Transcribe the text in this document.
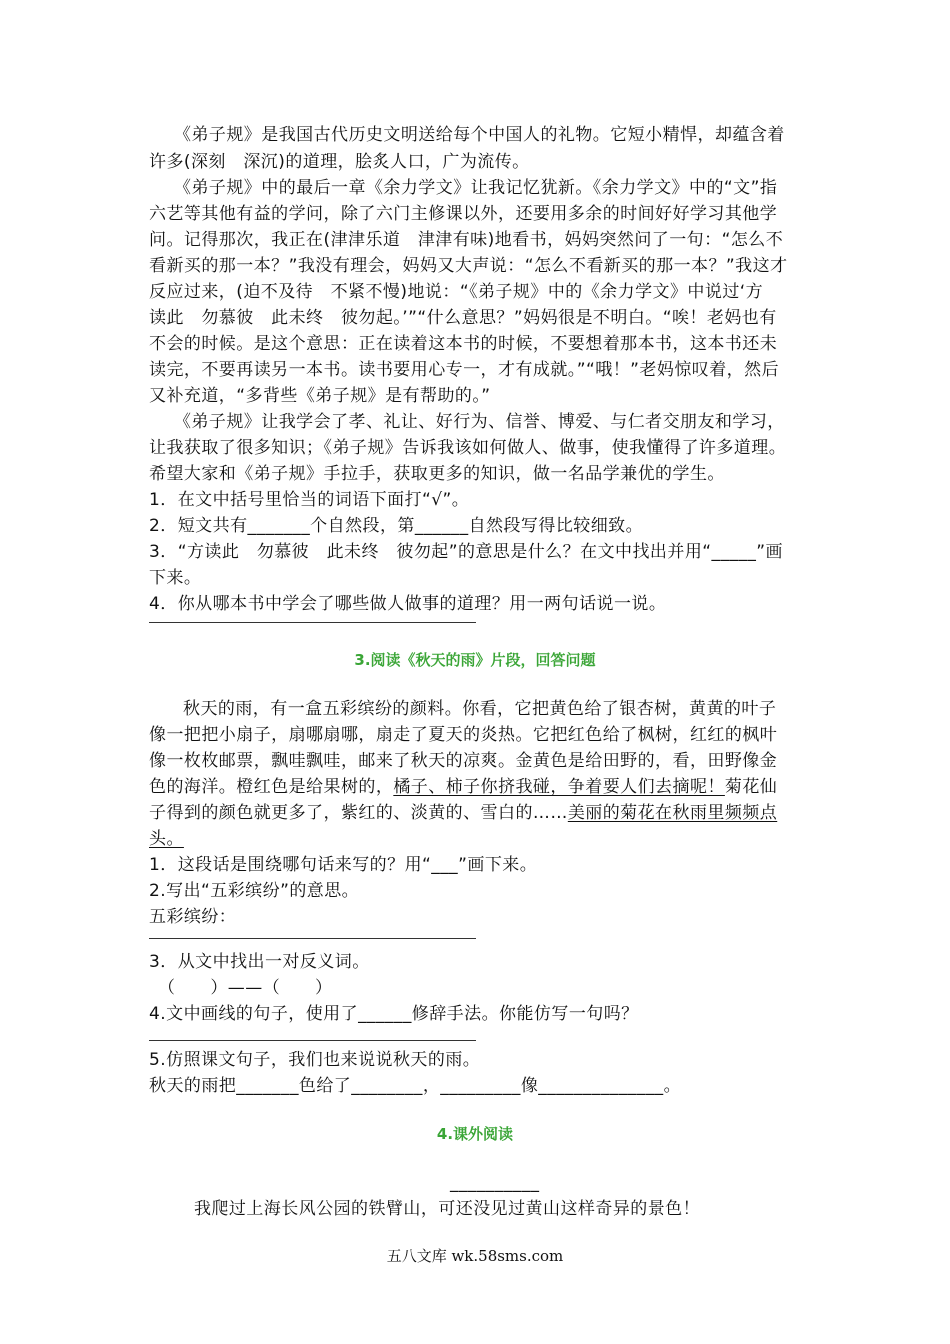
《弟子规》是我国古代历史文明送给每个中国人的礼物。它短小精悍，却蕴含着
许多(深刻　深沉)的道理，脍炙人口，广为流传。
《弟子规》中的最后一章《余力学文》让我记忆犹新。《余力学文》中的“文”指
六艺等其他有益的学问，除了六门主修课以外，还要用多余的时间好好学习其他学
问。记得那次，我正在(津津乐道　津津有味)地看书，妈妈突然问了一句：“怎么不
看新买的那一本？”我没有理会，妈妈又大声说：“怎么不看新买的那一本？”我这才
反应过来，(迫不及待　不紧不慢)地说：“《弟子规》中的《余力学文》中说过‘方
读此　勿慕彼　此未终　彼勿起。’”“什么意思？”妈妈很是不明白。“唉！老妈也有
不会的时候。是这个意思：正在读着这本书的时候，不要想着那本书，这本书还未
读完，不要再读另一本书。读书要用心专一，才有成就。”“哦！”老妈惊叹着，然后
又补充道，“多背些《弟子规》是有帮助的。”
《弟子规》让我学会了孝、礼让、好行为、信誉、博爱、与仁者交朋友和学习，
让我获取了很多知识；《弟子规》告诉我该如何做人、做事，使我懂得了许多道理。
希望大家和《弟子规》手拉手，获取更多的知识，做一名品学兼优的学生。
1．在文中括号里恰当的词语下面打“√”。
2．短文共有_______个自然段，第______自然段写得比较细致。
3．“方读此　勿慕彼　此未终　彼勿起”的意思是什么？在文中找出并用“_____”画
下来。
4．你从哪本书中学会了哪些做人做事的道理？用一两句话说一说。
3.阅读《秋天的雨》片段，回答问题
秋天的雨，有一盒五彩缤纷的颜料。你看，它把黄色给了银杏树，黄黄的叶子
像一把把小扇子，扇哪扇哪，扇走了夏天的炎热。它把红色给了枫树，红红的枫叶
像一枚枚邮票，飘哇飘哇，邮来了秋天的凉爽。金黄色是给田野的，看，田野像金
色的海洋。橙红色是给果树的，橘子、柿子你挤我碰，争着要人们去摘呢！菊花仙
子得到的颜色就更多了，紫红的、淡黄的、雪白的……美丽的菊花在秋雨里频频点
头。
1．这段话是围绕哪句话来写的？用“___”画下来。
2.写出“五彩缤纷”的意思。
五彩缤纷：
3．从文中找出一对反义词。
（　　）——（　　）
4.文中画线的句子，使用了______修辞手法。你能仿写一句吗？
5.仿照课文句子，我们也来说说秋天的雨。
秋天的雨把_______色给了________，_________像______________。
4.课外阅读
__________
我爬过上海长风公园的铁臂山，可还没见过黄山这样奇异的景色！
五八文库 wk.58sms.com
